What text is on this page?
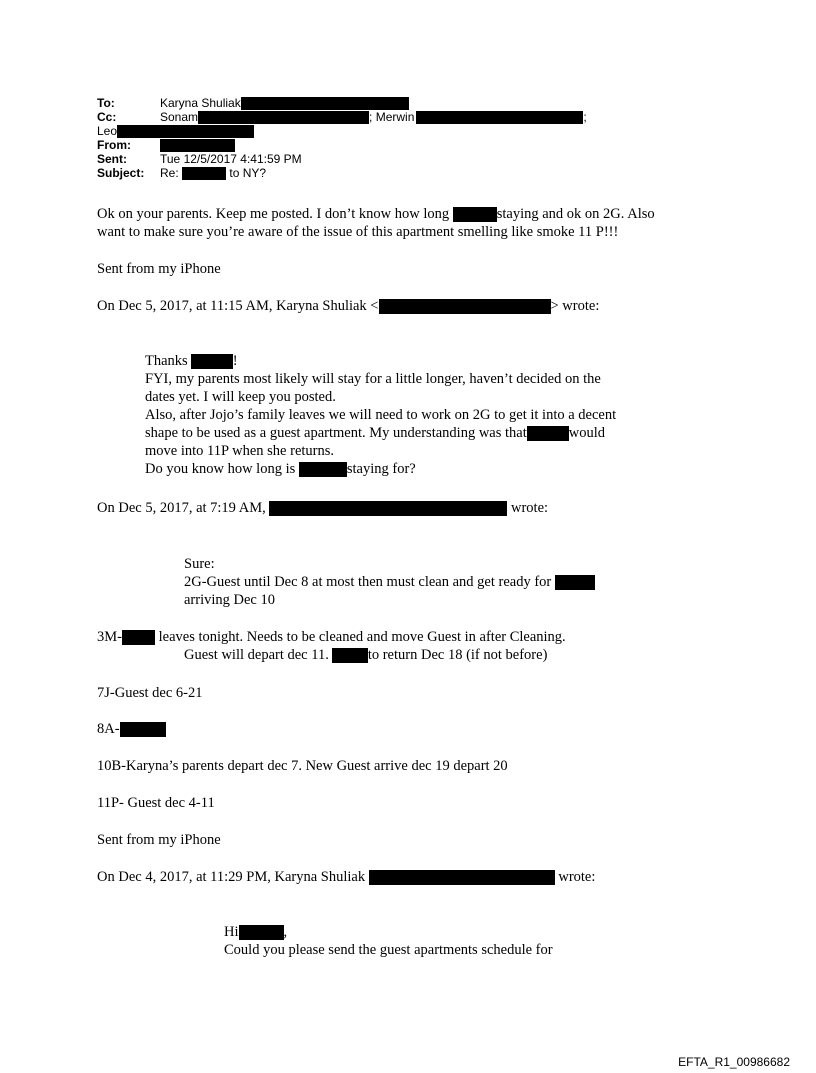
To:	Karyna Shuliak
Cc:	Sonam	; Merwin	;
Leo
From:
Sent:	Tue 12/5/2017 4:41:59 PM
Subject: Re:	to NY?
Ok on your parents. Keep me posted. I don’t know how long	staying and ok on 2G. Also
want to make sure you’re aware of the issue of this apartment smelling like smoke 11 P!!!
Sent from my iPhone
On Dec 5, 2017, at 11:15 AM, Karyna Shuliak <	> wrote:
Thanks	!
FYI, my parents most likely will stay for a little longer, haven’t decided on the
dates yet. I will keep you posted.
Also, after Jojo’s family leaves we will need to work on 2G to get it into a decent
shape to be used as a guest apartment. My understanding was that	would
move into 11P when she returns.
Do you know how long is	staying for?
On Dec 5, 2017, at 7:19 AM,	wrote:
Sure:
2G-Guest until Dec 8 at most then must clean and get ready for
arriving Dec 10
3M-	leaves tonight. Needs to be cleaned and move Guest in after Cleaning.
Guest will depart dec 11.	to return Dec 18 (if not before)
7J-Guest dec 6-21
8A-
10B-Karyna’s parents depart dec 7. New Guest arrive dec 19 depart 20
11P- Guest dec 4-11
Sent from my iPhone
On Dec 4, 2017, at 11:29 PM, Karyna Shuliak	wrote:
Hi	,
Could you please send the guest apartments schedule for
EFTA_R1_00986682
